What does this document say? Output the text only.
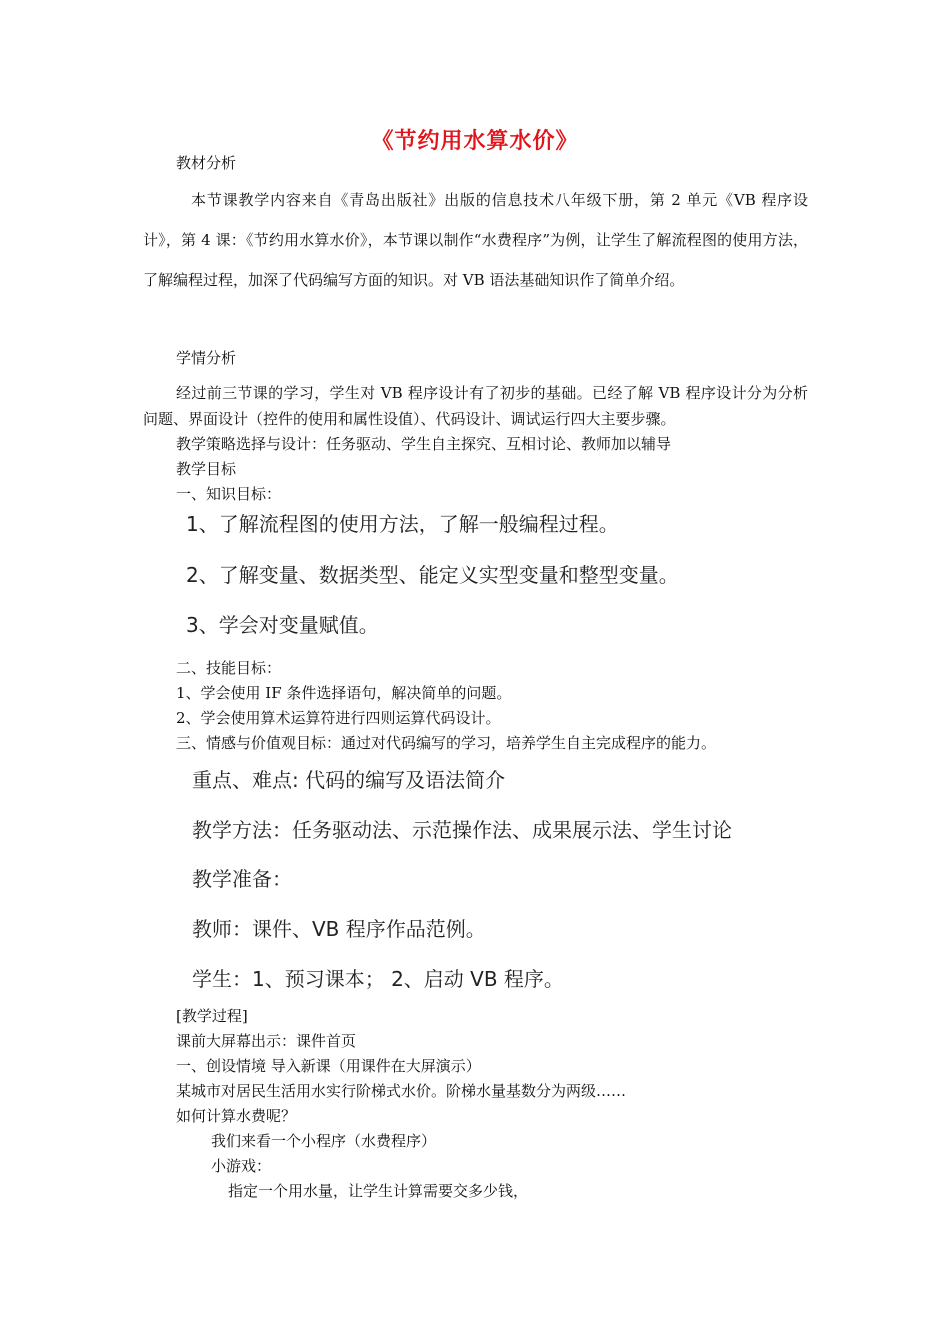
《节约用水算水价》
教材分析
本节课教学内容来自《青岛出版社》出版的信息技术八年级下册，第 2 单元《VB 程序设计》，第 4 课：《节约用水算水价》，本节课以制作“水费程序”为例，让学生了解流程图的使用方法，了解编程过程，加深了代码编写方面的知识。对 VB 语法基础知识作了简单介绍。
学情分析
经过前三节课的学习，学生对 VB 程序设计有了初步的基础。已经了解 VB 程序设计分为分析问题、界面设计（控件的使用和属性设值）、代码设计、调试运行四大主要步骤。
教学策略选择与设计：任务驱动、学生自主探究、互相讨论、教师加以辅导
教学目标
一、知识目标：
1、了解流程图的使用方法，了解一般编程过程。
2、了解变量、数据类型、能定义实型变量和整型变量。
3、学会对变量赋值。
二、技能目标：
1、学会使用 IF 条件选择语句，解决简单的问题。
2、学会使用算术运算符进行四则运算代码设计。
三、情感与价值观目标：通过对代码编写的学习，培养学生自主完成程序的能力。
重点、难点: 代码的编写及语法简介
教学方法：任务驱动法、示范操作法、成果展示法、学生讨论
教学准备：
教师：课件、VB 程序作品范例。
学生：1、预习课本； 2、启动 VB 程序。
[教学过程]
课前大屏幕出示：课件首页
一、创设情境 导入新课（用课件在大屏演示）
某城市对居民生活用水实行阶梯式水价。阶梯水量基数分为两级……
如何计算水费呢？
我们来看一个小程序（水费程序）
小游戏：
指定一个用水量，让学生计算需要交多少钱，
